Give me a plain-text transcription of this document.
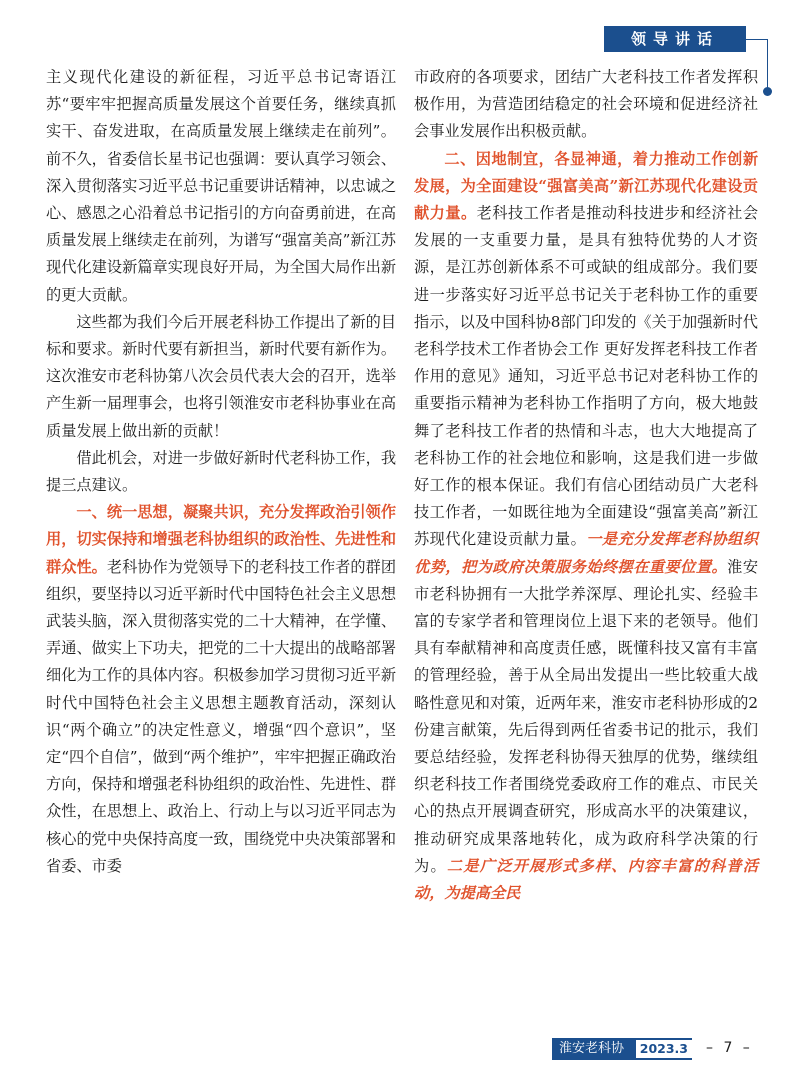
领导讲话

主义现代化建设的新征程，习近平总书记寄语江苏“要牢牢把握高质量发展这个首要任务，继续真抓实干、奋发进取，在高质量发展上继续走在前列”。前不久，省委信长星书记也强调：要认真学习领会、深入贯彻落实习近平总书记重要讲话精神，以忠诚之心、感恩之心沿着总书记指引的方向奋勇前进，在高质量发展上继续走在前列，为谱写“强富美高”新江苏现代化建设新篇章实现良好开局，为全国大局作出新的更大贡献。

这些都为我们今后开展老科协工作提出了新的目标和要求。新时代要有新担当，新时代要有新作为。这次淮安市老科协第八次会员代表大会的召开，选举产生新一届理事会，也将引领淮安市老科协事业在高质量发展上做出新的贡献！

借此机会，对进一步做好新时代老科协工作，我提三点建议。

一、统一思想，凝聚共识，充分发挥政治引领作用，切实保持和增强老科协组织的政治性、先进性和群众性。老科协作为党领导下的老科技工作者的群团组织，要坚持以习近平新时代中国特色社会主义思想武装头脑，深入贯彻落实党的二十大精神，在学懂、弄通、做实上下功夫，把党的二十大提出的战略部署细化为工作的具体内容。积极参加学习贯彻习近平新时代中国特色社会主义思想主题教育活动，深刻认识“两个确立”的决定性意义，增强“四个意识”，坚定“四个自信”，做到“两个维护”，牢牢把握正确政治方向，保持和增强老科协组织的政治性、先进性、群众性，在思想上、政治上、行动上与以习近平同志为核心的党中央保持高度一致，围绕党中央决策部署和省委、市委

市政府的各项要求，团结广大老科技工作者发挥积极作用，为营造团结稳定的社会环境和促进经济社会事业发展作出积极贡献。

二、因地制宜，各显神通，着力推动工作创新发展，为全面建设“强富美高”新江苏现代化建设贡献力量。老科技工作者是推动科技进步和经济社会发展的一支重要力量，是具有独特优势的人才资源，是江苏创新体系不可或缺的组成部分。我们要进一步落实好习近平总书记关于老科协工作的重要指示，以及中国科协8部门印发的《关于加强新时代老科学技术工作者协会工作 更好发挥老科技工作者作用的意见》通知，习近平总书记对老科协工作的重要指示精神为老科协工作指明了方向，极大地鼓舞了老科技工作者的热情和斗志，也大大地提高了老科协工作的社会地位和影响，这是我们进一步做好工作的根本保证。我们有信心团结动员广大老科技工作者，一如既往地为全面建设“强富美高”新江苏现代化建设贡献力量。一是充分发挥老科协组织优势，把为政府决策服务始终摆在重要位置。淮安市老科协拥有一大批学养深厚、理论扎实、经验丰富的专家学者和管理岗位上退下来的老领导。他们具有奉献精神和高度责任感，既懂科技又富有丰富的管理经验，善于从全局出发提出一些比较重大战略性意见和对策，近两年来，淮安市老科协形成的2份建言献策，先后得到两任省委书记的批示，我们要总结经验，发挥老科协得天独厚的优势，继续组织老科技工作者围绕党委政府工作的难点、市民关心的热点开展调查研究，形成高水平的决策建议，推动研究成果落地转化，成为政府科学决策的行为。二是广泛开展形式多样、内容丰富的科普活动，为提高全民

淮安老科协	2023.3 – 7 –
